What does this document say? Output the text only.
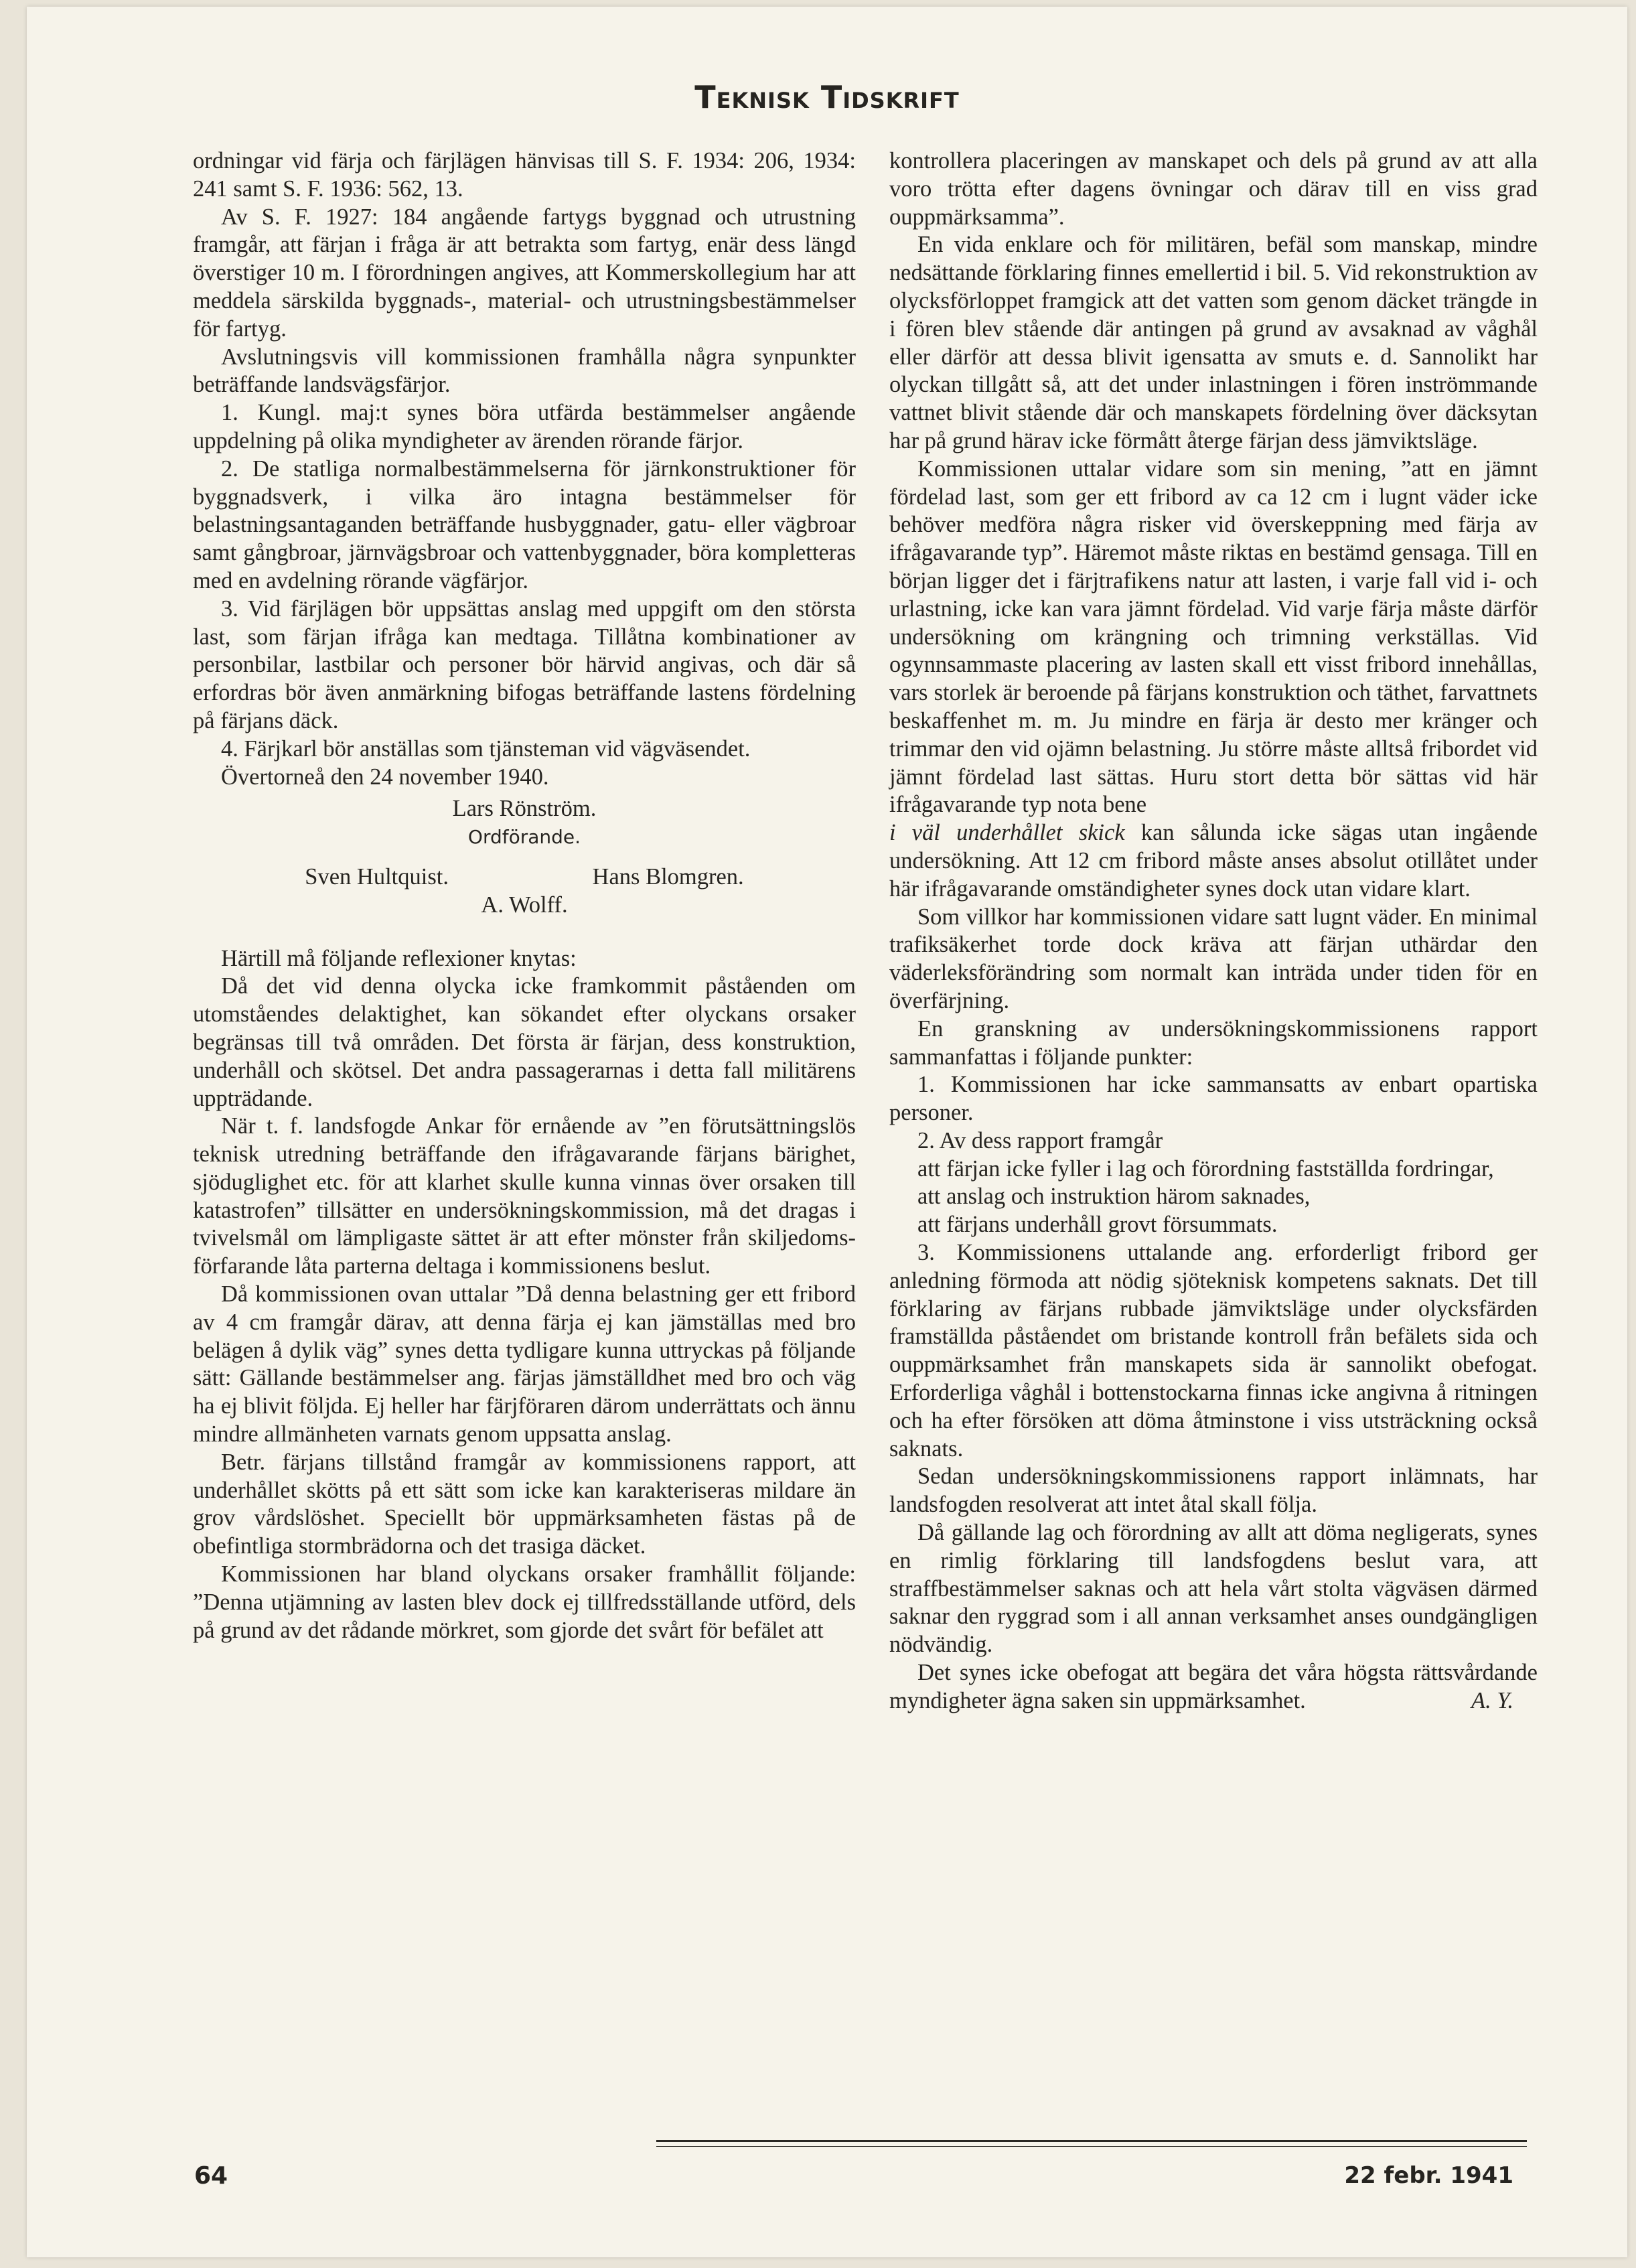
Teknisk Tidskrift

ordningar vid färja och färjlägen hänvisas till S. F. 1934: 206, 1934: 241 samt S. F. 1936: 562, 13.

Av S. F. 1927: 184 angående fartygs byggnad och utrustning framgår, att färjan i fråga är att betrakta som fartyg, enär dess längd överstiger 10 m. I förordningen angives, att Kommerskollegium har att meddela särskilda byggnads-, material- och utrustningsbestämmelser för fartyg.

Avslutningsvis vill kommissionen framhålla några synpunkter beträffande landsvägsfärjor.

1. Kungl. maj:t synes böra utfärda bestämmelser angående uppdelning på olika myndigheter av ärenden rörande färjor.

2. De statliga normalbestämmelserna för järnkonstruktioner för byggnadsverk, i vilka äro intagna bestämmelser för belastningsantaganden beträffande husbyggnader, gatu- eller vägbroar samt gångbroar, järnvägsbroar och vattenbyggnader, böra kompletteras med en avdelning rörande vägfärjor.

3. Vid färjlägen bör uppsättas anslag med uppgift om den största last, som färjan ifråga kan medtaga. Tillåtna kombinationer av personbilar, lastbilar och personer bör härvid angivas, och där så erfordras bör även anmärkning bifogas beträffande lastens fördelning på färjans däck.

4. Färjkarl bör anställas som tjänsteman vid vägväsendet.

Övertorneå den 24 november 1940.

Lars Rönström.

Ordförande.

Sven Hultquist.	Hans Blomgren.

A. Wolff.

Härtill må följande reflexioner knytas:

Då det vid denna olycka icke framkommit påståenden om utomståendes delaktighet, kan sökandet efter olyckans orsaker begränsas till två områden. Det första är färjan, dess konstruktion, underhåll och skötsel. Det andra passagerarnas i detta fall militärens uppträdande.

När t. f. landsfogde Ankar för ernående av ”en förutsättningslös teknisk utredning beträffande den ifrågavarande färjans bärighet, sjöduglighet etc. för att klarhet skulle kunna vinnas över orsaken till katastrofen” tillsätter en undersökningskommission, må det dragas i tvivelsmål om lämpligaste sättet är att efter mönster från skiljedoms-förfarande låta parterna deltaga i kommissionens beslut.

Då kommissionen ovan uttalar ”Då denna belastning ger ett fribord av 4 cm framgår därav, att denna färja ej kan jämställas med bro belägen å dylik väg” synes detta tydligare kunna uttryckas på följande sätt: Gällande bestämmelser ang. färjas jämställdhet med bro och väg ha ej blivit följda. Ej heller har färjföraren därom underrättats och ännu mindre allmänheten varnats genom uppsatta anslag.

Betr. färjans tillstånd framgår av kommissionens rapport, att underhållet skötts på ett sätt som icke kan karakteriseras mildare än grov vårdslöshet. Speciellt bör uppmärksamheten fästas på de obefintliga stormbrädorna och det trasiga däcket.

Kommissionen har bland olyckans orsaker framhållit följande: ”Denna utjämning av lasten blev dock ej tillfredsställande utförd, dels på grund av det rådande mörkret, som gjorde det svårt för befälet att

kontrollera placeringen av manskapet och dels på grund av att alla voro trötta efter dagens övningar och därav till en viss grad ouppmärksamma”.

En vida enklare och för militären, befäl som manskap, mindre nedsättande förklaring finnes emellertid i bil. 5. Vid rekonstruktion av olycksförloppet framgick att det vatten som genom däcket trängde in i fören blev stående där antingen på grund av avsaknad av våghål eller därför att dessa blivit igensatta av smuts e. d. Sannolikt har olyckan tillgått så, att det under inlastningen i fören inströmmande vattnet blivit stående där och manskapets fördelning över däcksytan har på grund härav icke förmått återge färjan dess jämviktsläge.

Kommissionen uttalar vidare som sin mening, ”att en jämnt fördelad last, som ger ett fribord av ca 12 cm i lugnt väder icke behöver medföra några risker vid överskeppning med färja av ifrågavarande typ”. Häremot måste riktas en bestämd gensaga. Till en början ligger det i färjtrafikens natur att lasten, i varje fall vid i- och urlastning, icke kan vara jämnt fördelad. Vid varje färja måste därför undersökning om krängning och trimning verkställas. Vid ogynnsammaste placering av lasten skall ett visst fribord innehållas, vars storlek är beroende på färjans konstruktion och täthet, farvattnets beskaffenhet m. m. Ju mindre en färja är desto mer kränger och trimmar den vid ojämn belastning. Ju större måste alltså fribordet vid jämnt fördelad last sättas. Huru stort detta bör sättas vid här ifrågavarande typ nota bene

i väl underhållet skick kan sålunda icke sägas utan ingående undersökning. Att 12 cm fribord måste anses absolut otillåtet under här ifrågavarande omständigheter synes dock utan vidare klart.

Som villkor har kommissionen vidare satt lugnt väder. En minimal trafiksäkerhet torde dock kräva att färjan uthärdar den väderleksförändring som normalt kan inträda under tiden för en överfärjning.

En granskning av undersökningskommissionens rapport sammanfattas i följande punkter:

1. Kommissionen har icke sammansatts av enbart opartiska personer.

2. Av dess rapport framgår

att färjan icke fyller i lag och förordning fastställda fordringar,

att anslag och instruktion härom saknades,

att färjans underhåll grovt försummats.

3. Kommissionens uttalande ang. erforderligt fribord ger anledning förmoda att nödig sjöteknisk kompetens saknats. Det till förklaring av färjans rubbade jämviktsläge under olycksfärden framställda påståendet om bristande kontroll från befälets sida och ouppmärksamhet från manskapets sida är sannolikt obefogat. Erforderliga våghål i bottenstockarna finnas icke angivna å ritningen och ha efter försöken att döma åtminstone i viss utsträckning också saknats.

Sedan undersökningskommissionens rapport inlämnats, har landsfogden resolverat att intet åtal skall följa.

Då gällande lag och förordning av allt att döma negligerats, synes en rimlig förklaring till landsfogdens beslut vara, att straffbestämmelser saknas och att hela vårt stolta vägväsen därmed saknar den ryggrad som i all annan verksamhet anses oundgängligen nödvändig.

Det synes icke obefogat att begära det våra högsta rättsvårdande myndigheter ägna saken sin uppmärksamhet.	A. Y.

64	22 febr. 1941
